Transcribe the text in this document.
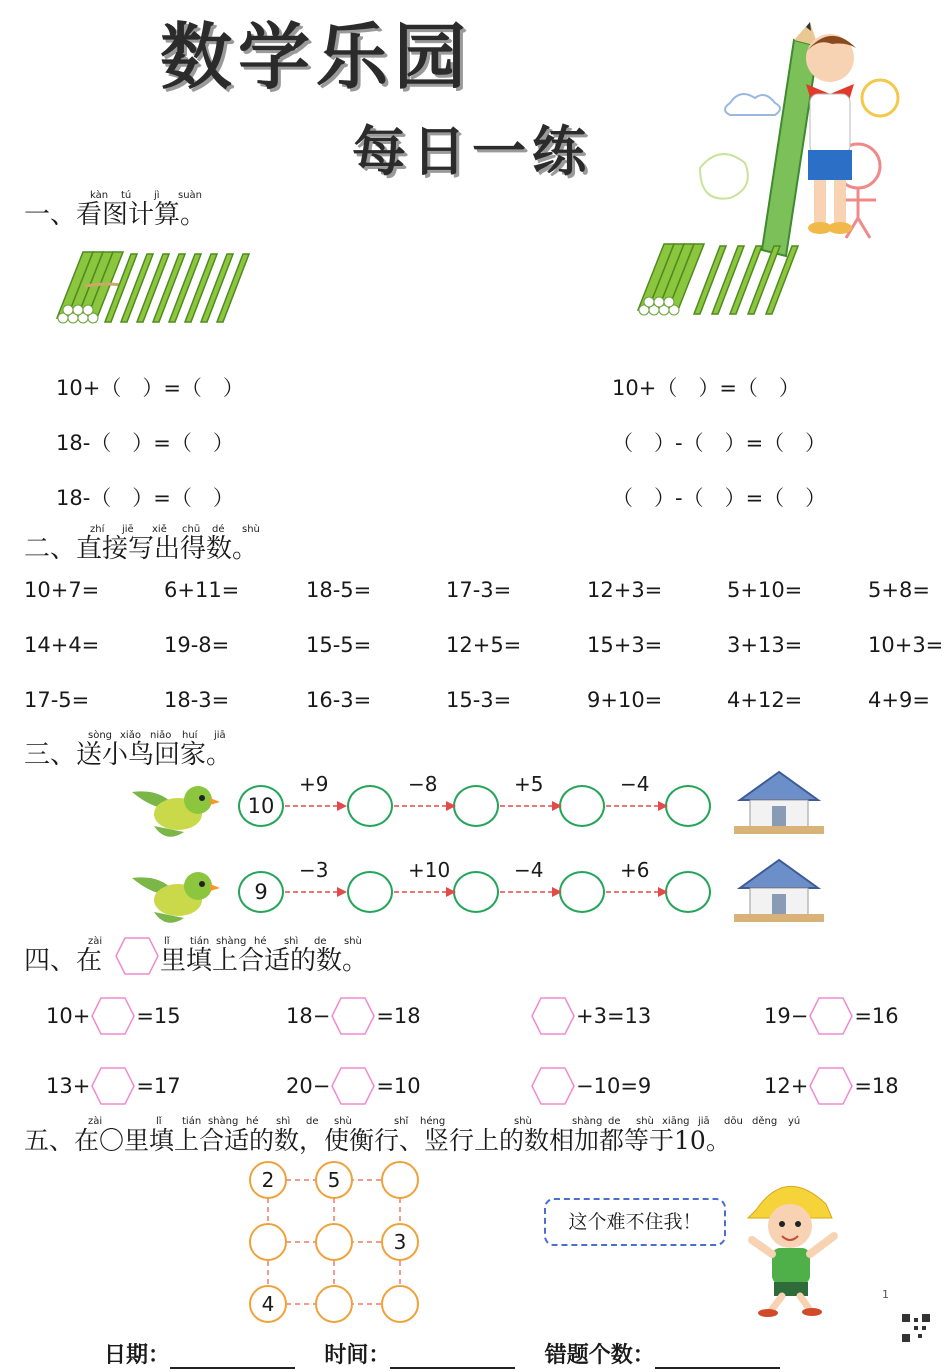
数学乐园
每日一练
kàn tú jì suàn
一、看图计算。
10+（　）=（　）
18-（　）=（　）
18-（　）=（　）
10+（　）=（　）
（　）-（　）=（　）
（　）-（　）=（　）
zhí jiē xiě chū dé shù
二、直接写出得数。
10+7=	6+11=	18-5=	17-3=	12+3=	5+10=	5+8=
14+4=	19-8=	15-5=	12+5=	15+3=	3+13=	10+3=
17-5=	18-3=	16-3=	15-3=	9+10=	4+12=	4+9=
sòng xiǎo niǎo huí jiā
三、送小鸟回家。
10
+9	−8	+5	−4
9
−3	+10	−4	+6
zài	lǐ tián shàng hé shì de shù
四、在 里填上合适的数。
10+ =15	18− =18	+3=13	19− =16
13+ =17	20− =10	−10=9	12+ =18
zài	lǐ tián shàng hé shì de shù	shǐ héng	shù	shàng de shù xiāng jiā dōu děng yú
五、在〇里填上合适的数，使衡行、竖行上的数相加都等于10。
2	5
3
4
这个难不住我！
1
日期：	时间：	错题个数：
